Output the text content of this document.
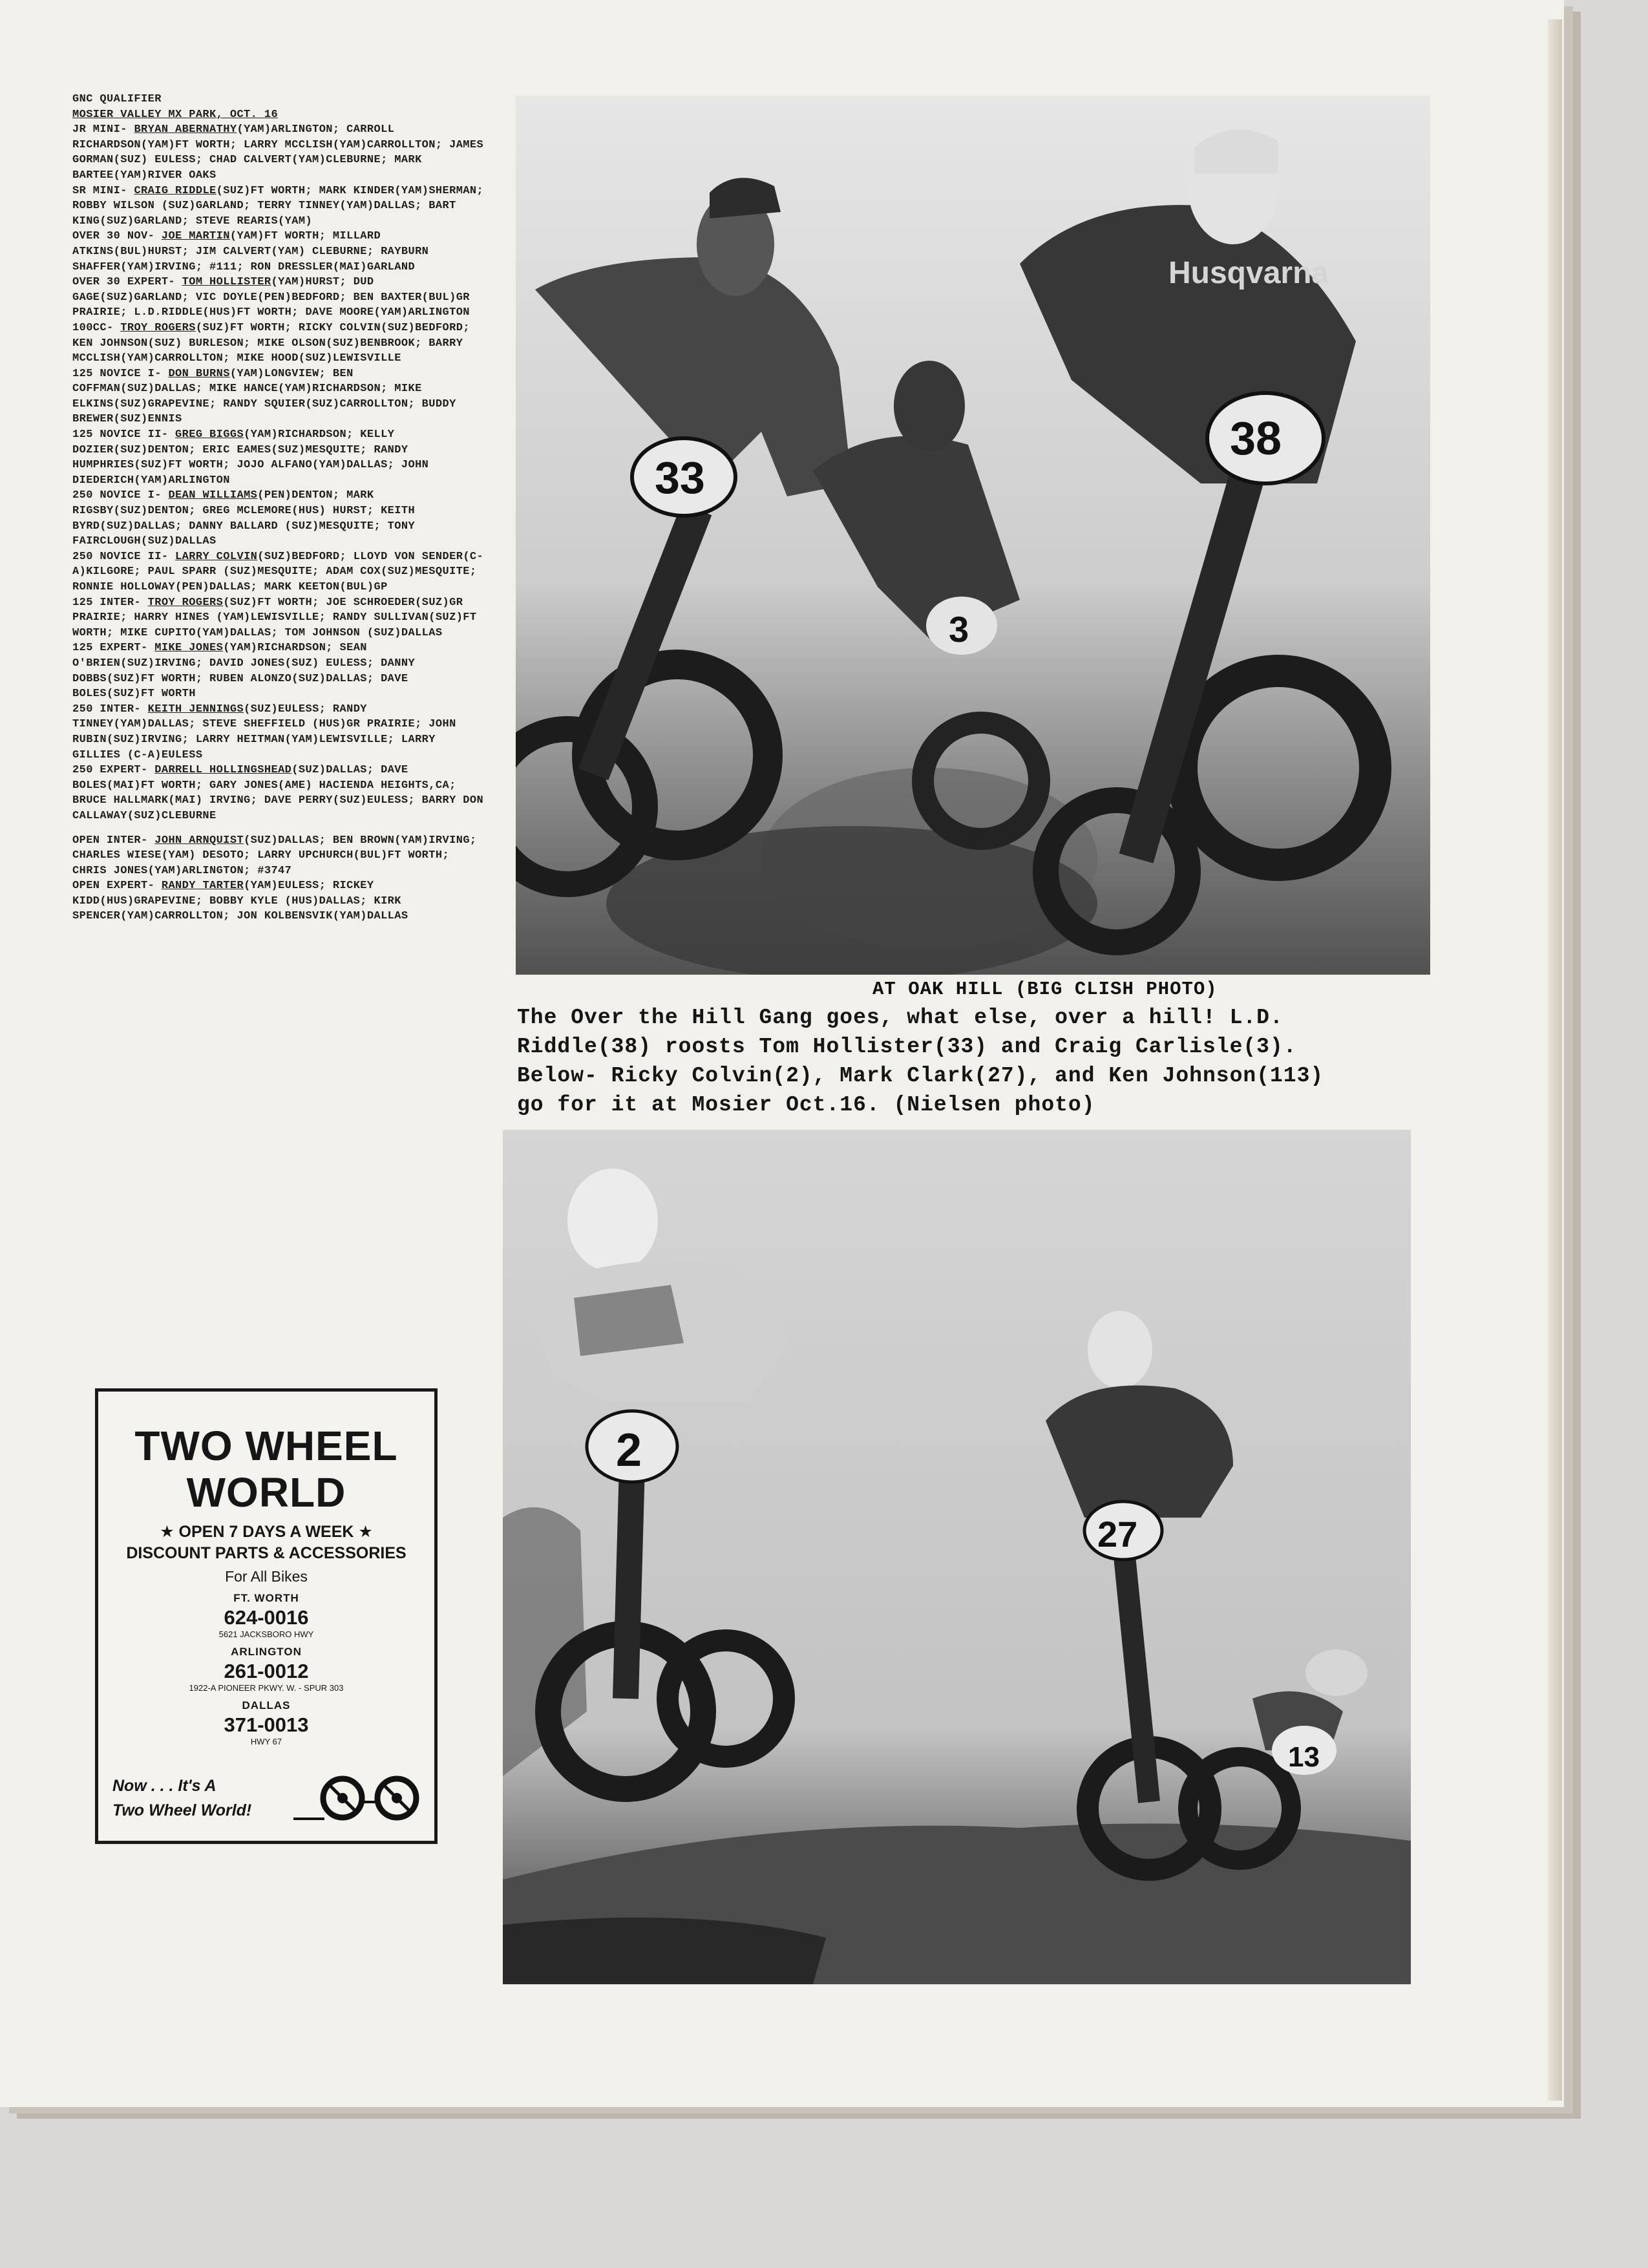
GNC QUALIFIER
MOSIER VALLEY MX PARK, OCT. 16
JR MINI- BRYAN ABERNATHY(YAM)ARLINGTON; CARROLL RICHARDSON(YAM)FT WORTH; LARRY MCCLISH(YAM)CARROLLTON; JAMES GORMAN(SUZ) EULESS; CHAD CALVERT(YAM)CLEBURNE; MARK BARTEE(YAM)RIVER OAKS
SR MINI- CRAIG RIDDLE(SUZ)FT WORTH; MARK KINDER(YAM)SHERMAN; ROBBY WILSON (SUZ)GARLAND; TERRY TINNEY(YAM)DALLAS; BART KING(SUZ)GARLAND; STEVE REARIS(YAM)
OVER 30 NOV- JOE MARTIN(YAM)FT WORTH; MILLARD ATKINS(BUL)HURST; JIM CALVERT(YAM) CLEBURNE; RAYBURN SHAFFER(YAM)IRVING; #111; RON DRESSLER(MAI)GARLAND
OVER 30 EXPERT- TOM HOLLISTER(YAM)HURST; DUD GAGE(SUZ)GARLAND; VIC DOYLE(PEN)BEDFORD; BEN BAXTER(BUL)GR PRAIRIE; L.D.RIDDLE(HUS)FT WORTH; DAVE MOORE(YAM)ARLINGTON
100CC- TROY ROGERS(SUZ)FT WORTH; RICKY COLVIN(SUZ)BEDFORD; KEN JOHNSON(SUZ) BURLESON; MIKE OLSON(SUZ)BENBROOK; BARRY MCCLISH(YAM)CARROLLTON; MIKE HOOD(SUZ)LEWISVILLE
125 NOVICE I- DON BURNS(YAM)LONGVIEW; BEN COFFMAN(SUZ)DALLAS; MIKE HANCE(YAM)RICHARDSON; MIKE ELKINS(SUZ)GRAPEVINE; RANDY SQUIER(SUZ)CARROLLTON; BUDDY BREWER(SUZ)ENNIS
125 NOVICE II- GREG BIGGS(YAM)RICHARDSON; KELLY DOZIER(SUZ)DENTON; ERIC EAMES(SUZ)MESQUITE; RANDY HUMPHRIES(SUZ)FT WORTH; JOJO ALFANO(YAM)DALLAS; JOHN DIEDERICH(YAM)ARLINGTON
250 NOVICE I- DEAN WILLIAMS(PEN)DENTON; MARK RIGSBY(SUZ)DENTON; GREG MCLEMORE(HUS) HURST; KEITH BYRD(SUZ)DALLAS; DANNY BALLARD (SUZ)MESQUITE; TONY FAIRCLOUGH(SUZ)DALLAS
250 NOVICE II- LARRY COLVIN(SUZ)BEDFORD; LLOYD VON SENDER(C-A)KILGORE; PAUL SPARR (SUZ)MESQUITE; ADAM COX(SUZ)MESQUITE; RONNIE HOLLOWAY(PEN)DALLAS; MARK KEETON(BUL)GP
125 INTER- TROY ROGERS(SUZ)FT WORTH; JOE SCHROEDER(SUZ)GR PRAIRIE; HARRY HINES (YAM)LEWISVILLE; RANDY SULLIVAN(SUZ)FT WORTH; MIKE CUPITO(YAM)DALLAS; TOM JOHNSON (SUZ)DALLAS
125 EXPERT- MIKE JONES(YAM)RICHARDSON; SEAN O'BRIEN(SUZ)IRVING; DAVID JONES(SUZ) EULESS; DANNY DOBBS(SUZ)FT WORTH; RUBEN ALONZO(SUZ)DALLAS; DAVE BOLES(SUZ)FT WORTH
250 INTER- KEITH JENNINGS(SUZ)EULESS; RANDY TINNEY(YAM)DALLAS; STEVE SHEFFIELD (HUS)GR PRAIRIE; JOHN RUBIN(SUZ)IRVING; LARRY HEITMAN(YAM)LEWISVILLE; LARRY GILLIES (C-A)EULESS
250 EXPERT- DARRELL HOLLINGSHEAD(SUZ)DALLAS; DAVE BOLES(MAI)FT WORTH; GARY JONES(AME) HACIENDA HEIGHTS,CA; BRUCE HALLMARK(MAI) IRVING; DAVE PERRY(SUZ)EULESS; BARRY DON CALLAWAY(SUZ)CLEBURNE
OPEN INTER- JOHN ARNQUIST(SUZ)DALLAS; BEN BROWN(YAM)IRVING; CHARLES WIESE(YAM) DESOTO; LARRY UPCHURCH(BUL)FT WORTH; CHRIS JONES(YAM)ARLINGTON; #3747
OPEN EXPERT- RANDY TARTER(YAM)EULESS; RICKEY KIDD(HUS)GRAPEVINE; BOBBY KYLE (HUS)DALLAS; KIRK SPENCER(YAM)CARROLLTON; JON KOLBENSVIK(YAM)DALLAS
TWO WHEEL
WORLD
★ OPEN 7 DAYS A WEEK ★
DISCOUNT PARTS & ACCESSORIES
For All Bikes
FT. WORTH
624-0016
5621 JACKSBORO HWY
ARLINGTON
261-0012
1922-A PIONEER PKWY. W. - SPUR 303
DALLAS
371-0013
HWY 67
Now . . . It's A
Two Wheel World!
33
3
Husqvarna
38
AT OAK HILL (BIG CLISH PHOTO)
The Over the Hill Gang goes, what else, over a hill! L.D.
Riddle(38) roosts Tom Hollister(33) and Craig Carlisle(3).
Below- Ricky Colvin(2), Mark Clark(27), and Ken Johnson(113)
go for it at Mosier Oct.16. (Nielsen photo)
2
27
13
